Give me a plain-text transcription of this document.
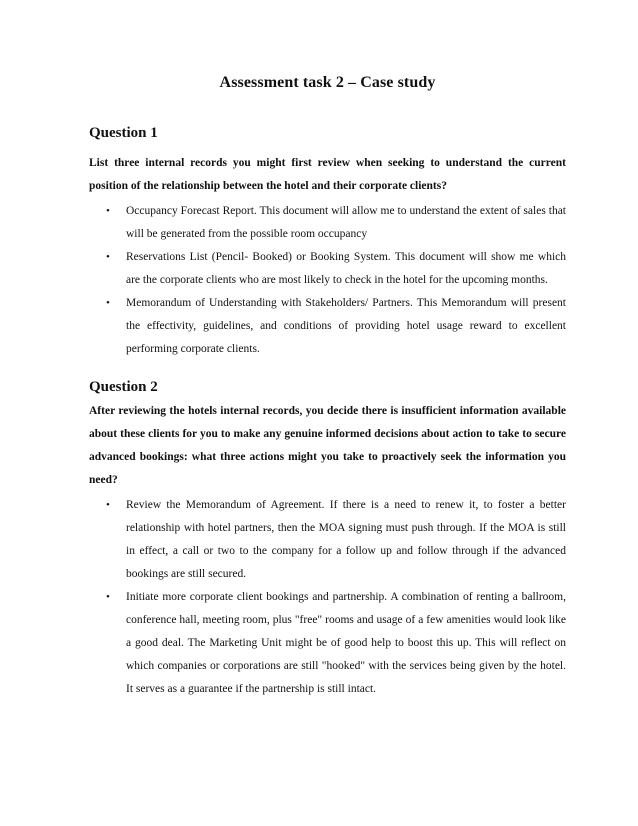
Assessment task 2 – Case study
Question 1
List three internal records you might first review when seeking to understand the current position of the relationship between the hotel and their corporate clients?
• Occupancy Forecast Report. This document will allow me to understand the extent of sales that will be generated from the possible room occupancy
• Reservations List (Pencil- Booked) or Booking System. This document will show me which are the corporate clients who are most likely to check in the hotel for the upcoming months.
• Memorandum of Understanding with Stakeholders/ Partners. This Memorandum will present the effectivity, guidelines, and conditions of providing hotel usage reward to excellent performing corporate clients.
Question 2
After reviewing the hotels internal records, you decide there is insufficient information available about these clients for you to make any genuine informed decisions about action to take to secure advanced bookings: what three actions might you take to proactively seek the information you need?
• Review the Memorandum of Agreement. If there is a need to renew it, to foster a better relationship with hotel partners, then the MOA signing must push through. If the MOA is still in effect, a call or two to the company for a follow up and follow through if the advanced bookings are still secured.
• Initiate more corporate client bookings and partnership. A combination of renting a ballroom, conference hall, meeting room, plus "free" rooms and usage of a few amenities would look like a good deal. The Marketing Unit might be of good help to boost this up. This will reflect on which companies or corporations are still "hooked" with the services being given by the hotel. It serves as a guarantee if the partnership is still intact.
